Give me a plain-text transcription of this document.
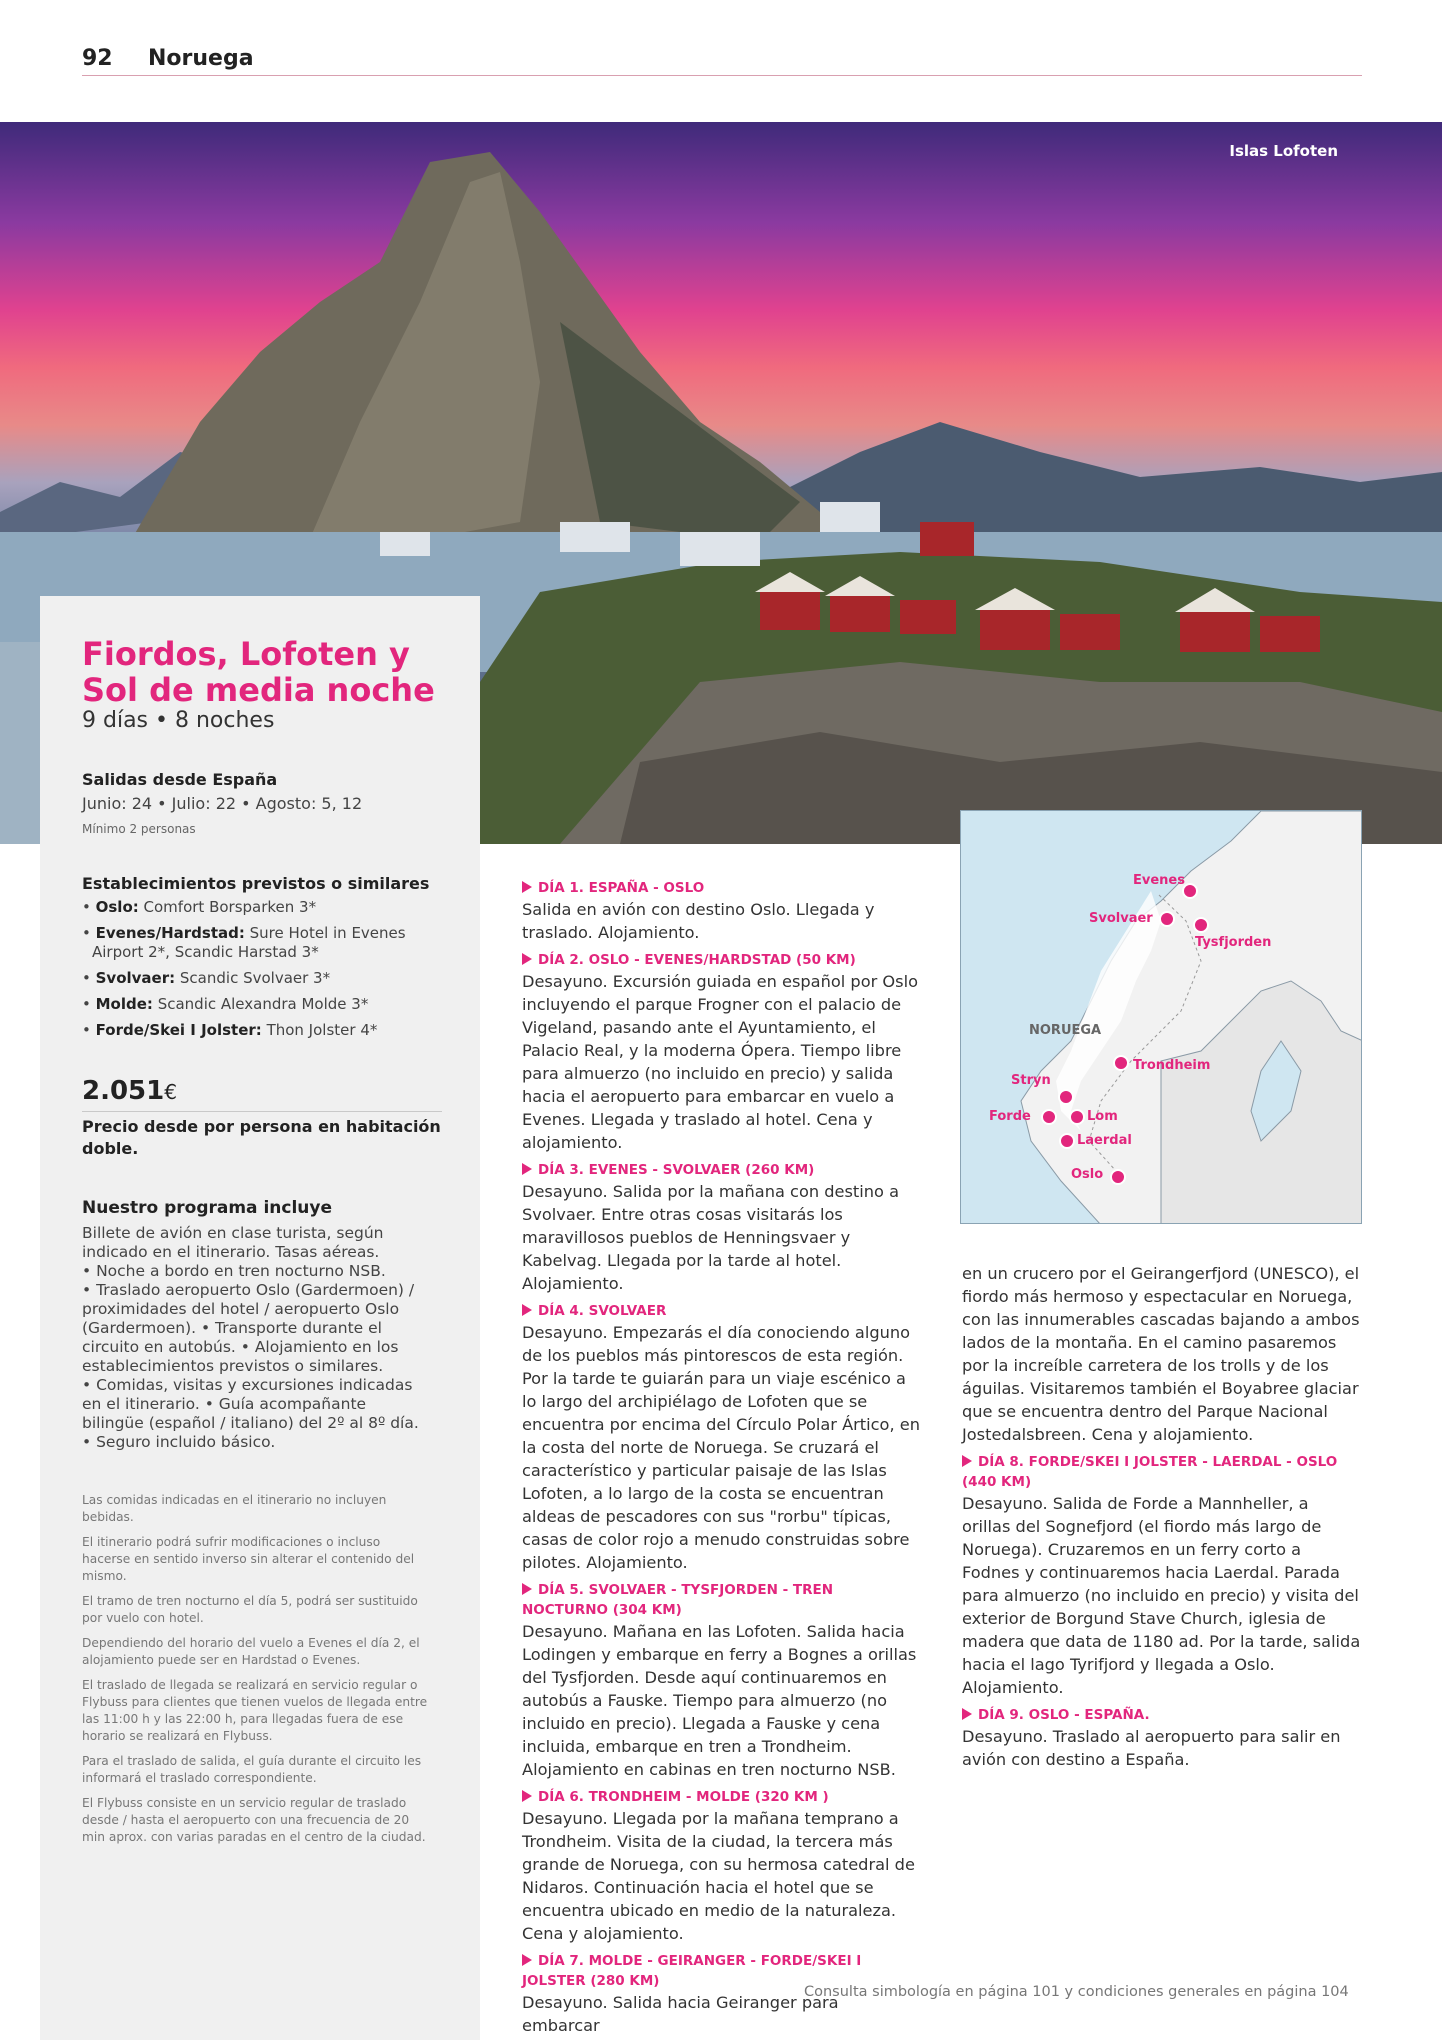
92 Noruega
Islas Lofoten
Fiordos, Lofoten y Sol de media noche
9 días • 8 noches
Salidas desde España
Junio: 24 • Julio: 22 • Agosto: 5, 12
Mínimo 2 personas
Establecimientos previstos o similares
• Oslo: Comfort Borsparken 3*
• Evenes/Hardstad: Sure Hotel in Evenes Airport 2*, Scandic Harstad 3*
• Svolvaer: Scandic Svolvaer 3*
• Molde: Scandic Alexandra Molde 3*
• Forde/Skei I Jolster: Thon Jolster 4*
2.051€
Precio desde por persona en habitación doble.
Nuestro programa incluye
Billete de avión en clase turista, según indicado en el itinerario. Tasas aéreas.
• Noche a bordo en tren nocturno NSB.
• Traslado aeropuerto Oslo (Gardermoen) / proximidades del hotel / aeropuerto Oslo (Gardermoen). • Transporte durante el circuito en autobús. • Alojamiento en los establecimientos previstos o similares.
• Comidas, visitas y excursiones indicadas en el itinerario. • Guía acompañante bilingüe (español / italiano) del 2º al 8º día. • Seguro incluido básico.

Las comidas indicadas en el itinerario no incluyen bebidas.

El itinerario podrá sufrir modificaciones o incluso hacerse en sentido inverso sin alterar el contenido del mismo.

El tramo de tren nocturno el día 5, podrá ser sustituido por vuelo con hotel.

Dependiendo del horario del vuelo a Evenes el día 2, el alojamiento puede ser en Hardstad o Evenes.

El traslado de llegada se realizará en servicio regular o Flybuss para clientes que tienen vuelos de llegada entre las 11:00 h y las 22:00 h, para llegadas fuera de ese horario se realizará en Flybuss.

Para el traslado de salida, el guía durante el circuito les informará el traslado correspondiente.

El Flybuss consiste en un servicio regular de traslado desde / hasta el aeropuerto con una frecuencia de 20 min aprox. con varias paradas en el centro de la ciudad.

DÍA 1. ESPAÑA - OSLO

Salida en avión con destino Oslo. Llegada y traslado. Alojamiento.

DÍA 2. OSLO - EVENES/HARDSTAD (50 KM)

Desayuno. Excursión guiada en español por Oslo incluyendo el parque Frogner con el palacio de Vigeland, pasando ante el Ayuntamiento, el Palacio Real, y la moderna Ópera. Tiempo libre para almuerzo (no incluido en precio) y salida hacia el aeropuerto para embarcar en vuelo a Evenes. Llegada y traslado al hotel. Cena y alojamiento.

DÍA 3. EVENES - SVOLVAER (260 KM)

Desayuno. Salida por la mañana con destino a Svolvaer. Entre otras cosas visitarás los maravillosos pueblos de Henningsvaer y Kabelvag. Llegada por la tarde al hotel. Alojamiento.

DÍA 4. SVOLVAER

Desayuno. Empezarás el día conociendo alguno de los pueblos más pintorescos de esta región. Por la tarde te guiarán para un viaje escénico a lo largo del archipiélago de Lofoten que se encuentra por encima del Círculo Polar Ártico, en la costa del norte de Noruega. Se cruzará el característico y particular paisaje de las Islas Lofoten, a lo largo de la costa se encuentran aldeas de pescadores con sus "rorbu" típicas, casas de color rojo a menudo construidas sobre pilotes. Alojamiento.

DÍA 5. SVOLVAER - TYSFJORDEN - TREN NOCTURNO (304 KM)

Desayuno. Mañana en las Lofoten. Salida hacia Lodingen y embarque en ferry a Bognes a orillas del Tysfjorden. Desde aquí continuaremos en autobús a Fauske. Tiempo para almuerzo (no incluido en precio). Llegada a Fauske y cena incluida, embarque en tren a Trondheim. Alojamiento en cabinas en tren nocturno NSB.

DÍA 6. TRONDHEIM - MOLDE (320 KM )

Desayuno. Llegada por la mañana temprano a Trondheim. Visita de la ciudad, la tercera más grande de Noruega, con su hermosa catedral de Nidaros. Continuación hacia el hotel que se encuentra ubicado en medio de la naturaleza. Cena y alojamiento.

DÍA 7. MOLDE - GEIRANGER - FORDE/SKEI I JOLSTER (280 KM)

Desayuno. Salida hacia Geiranger para embarcar

NORUEGA
Evenes
Svolvaer
Tysfjorden
Trondheim
Stryn
Forde	Lom
Laerdal
Oslo

en un crucero por el Geirangerfjord (UNESCO), el fiordo más hermoso y espectacular en Noruega, con las innumerables cascadas bajando a ambos lados de la montaña. En el camino pasaremos por la increíble carretera de los trolls y de los águilas. Visitaremos también el Boyabree glaciar que se encuentra dentro del Parque Nacional Jostedalsbreen. Cena y alojamiento.

DÍA 8. FORDE/SKEI I JOLSTER - LAERDAL - OSLO (440 KM)

Desayuno. Salida de Forde a Mannheller, a orillas del Sognefjord (el fiordo más largo de Noruega). Cruzaremos en un ferry corto a Fodnes y continuaremos hacia Laerdal. Parada para almuerzo (no incluido en precio) y visita del exterior de Borgund Stave Church, iglesia de madera que data de 1180 ad. Por la tarde, salida hacia el lago Tyrifjord y llegada a Oslo. Alojamiento.

DÍA 9. OSLO - ESPAÑA.

Desayuno. Traslado al aeropuerto para salir en avión con destino a España.

Consulta simbología en página 101 y condiciones generales en página 104
